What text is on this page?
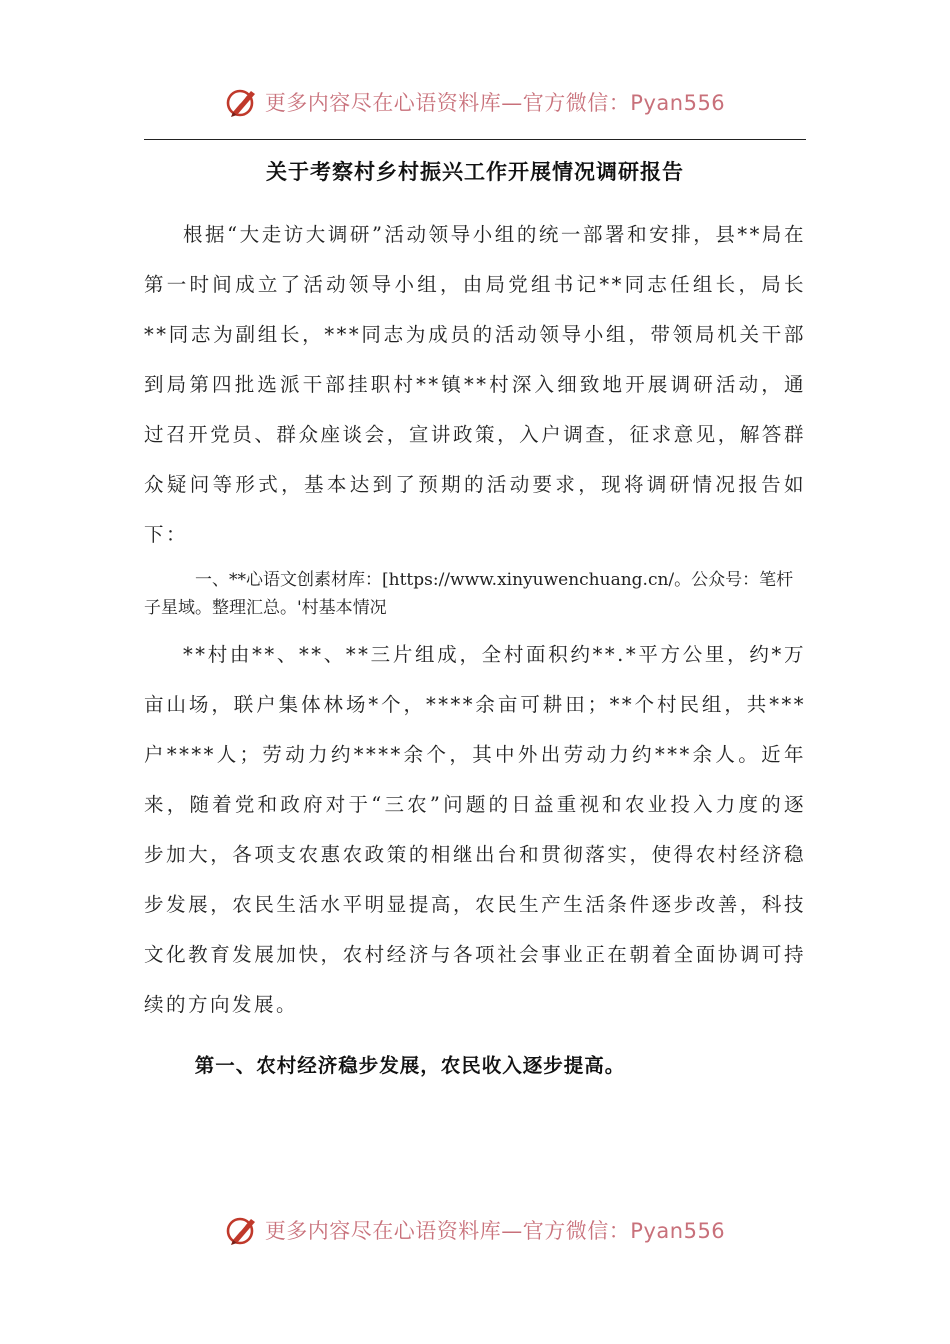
更多内容尽在心语资料库—官方微信：Pyan556
关于考察村乡村振兴工作开展情况调研报告

根据“大走访大调研”活动领导小组的统一部署和安排，县**局在第一时间成立了活动领导小组，由局党组书记**同志任组长，局长**同志为副组长，***同志为成员的活动领导小组，带领局机关干部到局第四批选派干部挂职村**镇**村深入细致地开展调研活动，通过召开党员、群众座谈会，宣讲政策，入户调查，征求意见，解答群众疑问等形式，基本达到了预期的活动要求，现将调研情况报告如下：

一、**心语文创素材库：[https://www.xinyuwenchuang.cn/。公众号：笔杆子星域。整理汇总。'村基本情况

**村由**、**、**三片组成，全村面积约**.*平方公里，约*万亩山场，联户集体林场*个，****余亩可耕田；**个村民组，共***户****人；劳动力约****余个，其中外出劳动力约***余人。近年来，随着党和政府对于“三农”问题的日益重视和农业投入力度的逐步加大，各项支农惠农政策的相继出台和贯彻落实，使得农村经济稳步发展，农民生活水平明显提高，农民生产生活条件逐步改善，科技文化教育发展加快，农村经济与各项社会事业正在朝着全面协调可持续的方向发展。

第一、农村经济稳步发展，农民收入逐步提高。

更多内容尽在心语资料库—官方微信：Pyan556
